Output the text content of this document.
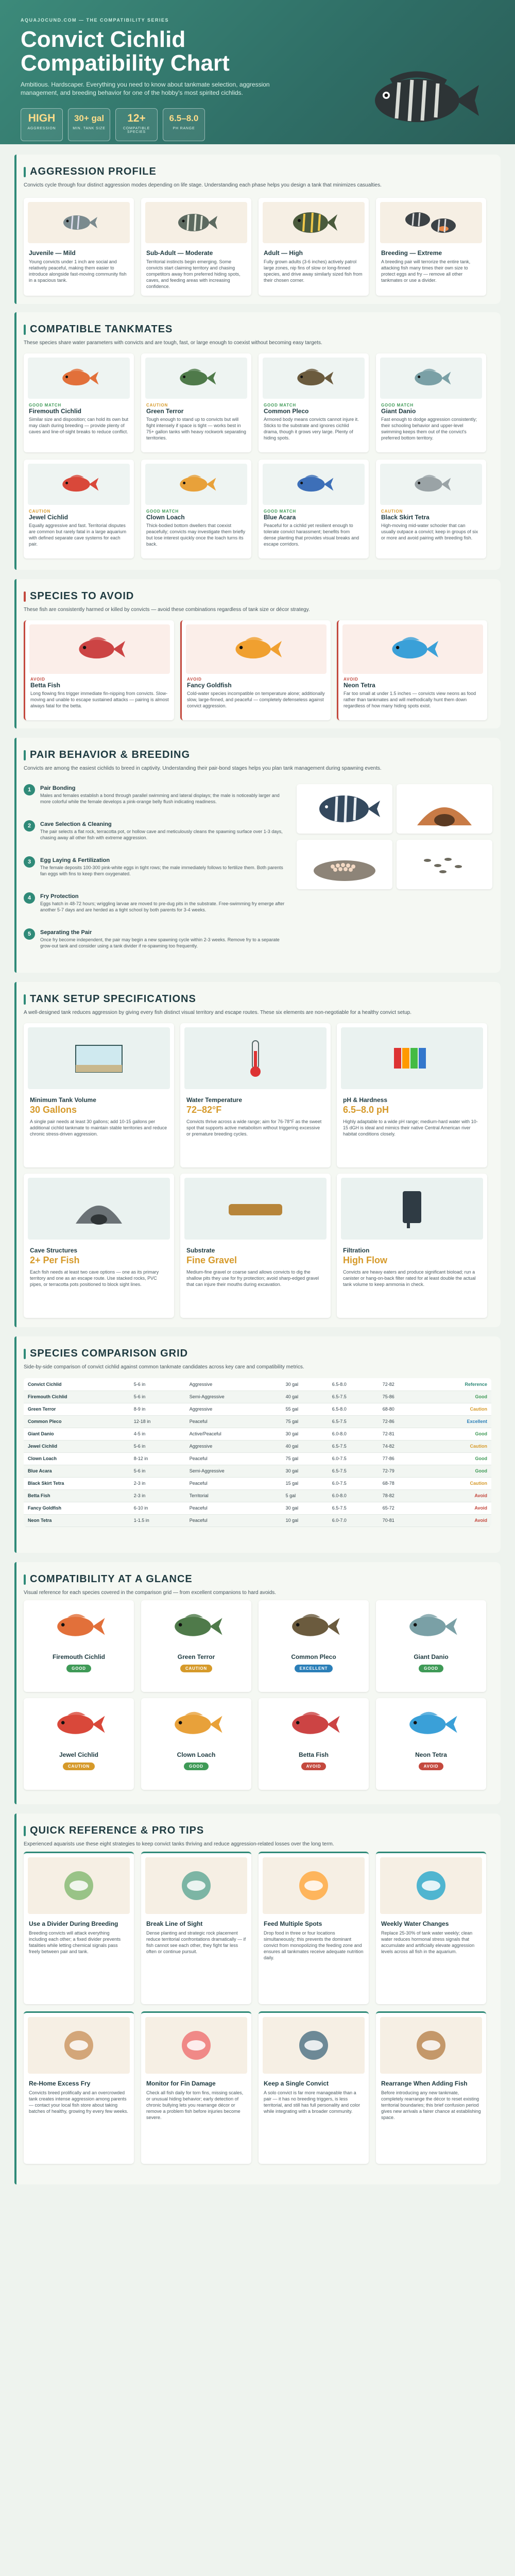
AQUAJOCUND.COM — THE COMPATIBILITY SERIES
Convict Cichlid
Compatibility Chart
Ambitious. Hardscaper. Everything you need to know about tankmate selection, aggression management, and breeding behavior for one of the hobby's most spirited cichlids.
HIGH
AGGRESSION
30+ gal
MIN. TANK SIZE
12+
COMPATIBLE SPECIES
6.5–8.0
PH RANGE
AGGRESSION PROFILE
Convicts cycle through four distinct aggression modes depending on life stage. Understanding each phase helps you design a tank that minimizes casualties.
Juvenile — Mild
Young convicts under 1 inch are social and relatively peaceful, making them easier to introduce alongside fast-moving community fish in a spacious tank.
Sub-Adult — Moderate
Territorial instincts begin emerging. Some convicts start claiming territory and chasing competitors away from preferred hiding spots, caves, and feeding areas with increasing confidence.
Adult — High
Fully grown adults (3-6 inches) actively patrol large zones, nip fins of slow or long-finned species, and drive away similarly sized fish from their chosen corner.
Breeding — Extreme
A breeding pair will terrorize the entire tank, attacking fish many times their own size to protect eggs and fry — remove all other tankmates or use a divider.
COMPATIBLE TANKMATES
These species share water parameters with convicts and are tough, fast, or large enough to coexist without becoming easy targets.
GOOD MATCH
Firemouth Cichlid
Similar size and disposition; can hold its own but may clash during breeding — provide plenty of caves and line-of-sight breaks to reduce conflict.
CAUTION
Green Terror
Tough enough to stand up to convicts but will fight intensely if space is tight — works best in 75+ gallon tanks with heavy rockwork separating territories.
GOOD MATCH
Common Pleco
Armored body means convicts cannot injure it. Sticks to the substrate and ignores cichlid drama, though it grows very large. Plenty of hiding spots.
GOOD MATCH
Giant Danio
Fast enough to dodge aggression consistently; their schooling behavior and upper-level swimming keeps them out of the convict's preferred bottom territory.
CAUTION
Jewel Cichlid
Equally aggressive and fast. Territorial disputes are common but rarely fatal in a large aquarium with defined separate cave systems for each pair.
GOOD MATCH
Clown Loach
Thick-bodied bottom dwellers that coexist peacefully; convicts may investigate them briefly but lose interest quickly once the loach turns its back.
GOOD MATCH
Blue Acara
Peaceful for a cichlid yet resilient enough to tolerate convict harassment; benefits from dense planting that provides visual breaks and escape corridors.
CAUTION
Black Skirt Tetra
High-moving mid-water schooler that can usually outpace a convict; keep in groups of six or more and avoid pairing with breeding fish.
SPECIES TO AVOID
These fish are consistently harmed or killed by convicts — avoid these combinations regardless of tank size or décor strategy.
AVOID
Betta Fish
Long flowing fins trigger immediate fin-nipping from convicts. Slow-moving and unable to escape sustained attacks — pairing is almost always fatal for the betta.
AVOID
Fancy Goldfish
Cold-water species incompatible on temperature alone; additionally slow, large-finned, and peaceful — completely defenseless against convict aggression.
AVOID
Neon Tetra
Far too small at under 1.5 inches — convicts view neons as food rather than tankmates and will methodically hunt them down regardless of how many hiding spots exist.
PAIR BEHAVIOR & BREEDING
Convicts are among the easiest cichlids to breed in captivity. Understanding their pair-bond stages helps you plan tank management during spawning events.
1	Pair Bonding
Males and females establish a bond through parallel swimming and lateral displays; the male is noticeably larger and more colorful while the female develops a pink-orange belly flush indicating readiness.
2	Cave Selection & Cleaning
The pair selects a flat rock, terracotta pot, or hollow cave and meticulously cleans the spawning surface over 1-3 days, chasing away all other fish with extreme aggression.
3	Egg Laying & Fertilization
The female deposits 100-300 pink-white eggs in tight rows; the male immediately follows to fertilize them. Both parents fan eggs with fins to keep them oxygenated.
4	Fry Protection
Eggs hatch in 48-72 hours; wriggling larvae are moved to pre-dug pits in the substrate. Free-swimming fry emerge after another 5-7 days and are herded as a tight school by both parents for 3-4 weeks.
5	Separating the Pair
Once fry become independent, the pair may begin a new spawning cycle within 2-3 weeks. Remove fry to a separate grow-out tank and consider using a tank divider if re-spawning too frequently.
TANK SETUP SPECIFICATIONS
A well-designed tank reduces aggression by giving every fish distinct visual territory and escape routes. These six elements are non-negotiable for a healthy convict setup.
Minimum Tank Volume
30 Gallons
A single pair needs at least 30 gallons; add 10-15 gallons per additional cichlid tankmate to maintain stable territories and reduce chronic stress-driven aggression.
Water Temperature
72–82°F
Convicts thrive across a wide range; aim for 76-78°F as the sweet spot that supports active metabolism without triggering excessive or premature breeding cycles.
pH & Hardness
6.5–8.0 pH
Highly adaptable to a wide pH range; medium-hard water with 10-15 dGH is ideal and mimics their native Central American river habitat conditions closely.
Cave Structures
2+ Per Fish
Each fish needs at least two cave options — one as its primary territory and one as an escape route. Use stacked rocks, PVC pipes, or terracotta pots positioned to block sight lines.
Substrate
Fine Gravel
Medium-fine gravel or coarse sand allows convicts to dig the shallow pits they use for fry protection; avoid sharp-edged gravel that can injure their mouths during excavation.
Filtration
High Flow
Convicts are heavy eaters and produce significant bioload; run a canister or hang-on-back filter rated for at least double the actual tank volume to keep ammonia in check.
SPECIES COMPARISON GRID
Side-by-side comparison of convict cichlid against common tankmate candidates across key care and compatibility metrics.

Convict Cichlid	5-6 in	Aggressive	30 gal	6.5-8.0	72-82	Reference
Firemouth Cichlid	5-6 in	Semi-Aggressive	40 gal	6.5-7.5	75-86	Good
Green Terror	8-9 in	Aggressive	55 gal	6.5-8.0	68-80	Caution
Common Pleco	12-18 in	Peaceful	75 gal	6.5-7.5	72-86	Excellent
Giant Danio	4-5 in	Active/Peaceful	30 gal	6.0-8.0	72-81	Good
Jewel Cichlid	5-6 in	Aggressive	40 gal	6.5-7.5	74-82	Caution
Clown Loach	8-12 in	Peaceful	75 gal	6.0-7.5	77-86	Good
Blue Acara	5-6 in	Semi-Aggressive	30 gal	6.5-7.5	72-79	Good
Black Skirt Tetra	2-3 in	Peaceful	15 gal	6.0-7.5	68-78	Caution
Betta Fish	2-3 in	Territorial	5 gal	6.0-8.0	78-82	Avoid
Fancy Goldfish	6-10 in	Peaceful	30 gal	6.5-7.5	65-72	Avoid
Neon Tetra	1-1.5 in	Peaceful	10 gal	6.0-7.0	70-81	Avoid
COMPATIBILITY AT A GLANCE
Visual reference for each species covered in the comparison grid — from excellent companions to hard avoids.
Firemouth Cichlid
GOOD
Green Terror
CAUTION
Common Pleco
EXCELLENT
Giant Danio
GOOD
Jewel Cichlid
CAUTION
Clown Loach
GOOD
Betta Fish
AVOID
Neon Tetra
AVOID
QUICK REFERENCE & PRO TIPS
Experienced aquarists use these eight strategies to keep convict tanks thriving and reduce aggression-related losses over the long term.
Use a Divider During Breeding
Breeding convicts will attack everything including each other; a fixed divider prevents fatalities while letting chemical signals pass freely between pair and tank.
Break Line of Sight
Dense planting and strategic rock placement reduce territorial confrontations dramatically — if fish cannot see each other, they fight far less often or continue pursuit.
Feed Multiple Spots
Drop food in three or four locations simultaneously; this prevents the dominant convict from monopolizing the feeding zone and ensures all tankmates receive adequate nutrition daily.
Weekly Water Changes
Replace 25-30% of tank water weekly; clean water reduces hormonal stress signals that accumulate and artificially elevate aggression levels across all fish in the aquarium.
Re-Home Excess Fry
Convicts breed prolifically and an overcrowded tank creates intense aggression among parents — contact your local fish store about taking batches of healthy, growing fry every few weeks.
Monitor for Fin Damage
Check all fish daily for torn fins, missing scales, or unusual hiding behavior; early detection of chronic bullying lets you rearrange décor or remove a problem fish before injuries become severe.
Keep a Single Convict
A solo convict is far more manageable than a pair — it has no breeding triggers, is less territorial, and still has full personality and color while integrating with a broader community.
Rearrange When Adding Fish
Before introducing any new tankmate, completely rearrange the décor to reset existing territorial boundaries; this brief confusion period gives new arrivals a fairer chance at establishing space.
